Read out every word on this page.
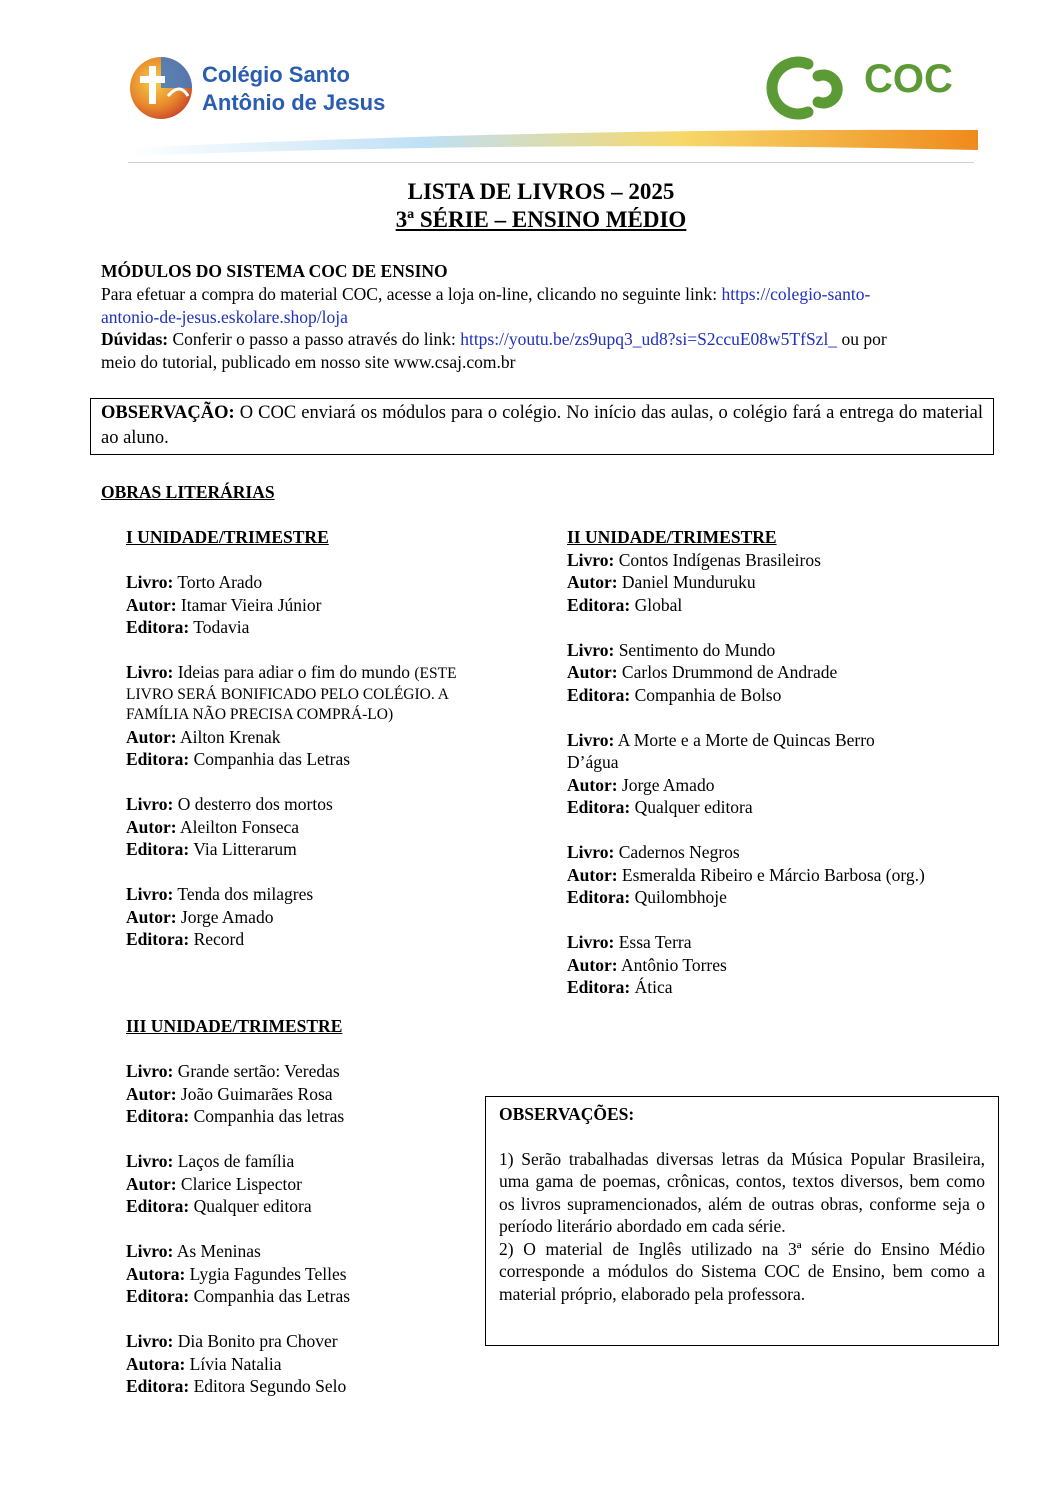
Colégio Santo
Antônio de Jesus
COC
LISTA DE LIVROS – 2025
3ª SÉRIE – ENSINO MÉDIO
MÓDULOS DO SISTEMA COC DE ENSINO
Para efetuar a compra do material COC, acesse a loja on-line, clicando no seguinte link: https://colegio-santo-
antonio-de-jesus.eskolare.shop/loja
Dúvidas: Conferir o passo a passo através do link: https://youtu.be/zs9upq3_ud8?si=S2ccuE08w5TfSzl_ ou por
meio do tutorial, publicado em nosso site www.csaj.com.br
OBSERVAÇÃO: O COC enviará os módulos para o colégio. No início das aulas, o colégio fará a entrega do material ao aluno.
OBRAS LITERÁRIAS
I UNIDADE/TRIMESTRE
Livro: Torto Arado
Autor: Itamar Vieira Júnior
Editora: Todavia
Livro: Ideias para adiar o fim do mundo (ESTE
LIVRO SERÁ BONIFICADO PELO COLÉGIO. A
FAMÍLIA NÃO PRECISA COMPRÁ-LO)
Autor: Ailton Krenak
Editora: Companhia das Letras
Livro: O desterro dos mortos
Autor: Aleilton Fonseca
Editora: Via Litterarum
Livro: Tenda dos milagres
Autor: Jorge Amado
Editora: Record
II UNIDADE/TRIMESTRE
Livro: Contos Indígenas Brasileiros
Autor: Daniel Munduruku
Editora: Global
Livro: Sentimento do Mundo
Autor: Carlos Drummond de Andrade
Editora: Companhia de Bolso
Livro: A Morte e a Morte de Quincas Berro
D’água
Autor: Jorge Amado
Editora: Qualquer editora
Livro: Cadernos Negros
Autor: Esmeralda Ribeiro e Márcio Barbosa (org.)
Editora: Quilombhoje
Livro: Essa Terra
Autor: Antônio Torres
Editora: Ática
III UNIDADE/TRIMESTRE
Livro: Grande sertão: Veredas
Autor: João Guimarães Rosa
Editora: Companhia das letras
Livro: Laços de família
Autor: Clarice Lispector
Editora: Qualquer editora
Livro: As Meninas
Autora: Lygia Fagundes Telles
Editora: Companhia das Letras
Livro: Dia Bonito pra Chover
Autora: Lívia Natalia
Editora: Editora Segundo Selo
OBSERVAÇÕES:
1) Serão trabalhadas diversas letras da Música Popular Brasileira, uma gama de poemas, crônicas, contos, textos diversos, bem como os livros supramencionados, além de outras obras, conforme seja o período literário abordado em cada série.
2) O material de Inglês utilizado na 3ª série do Ensino Médio corresponde a módulos do Sistema COC de Ensino, bem como a material próprio, elaborado pela professora.
